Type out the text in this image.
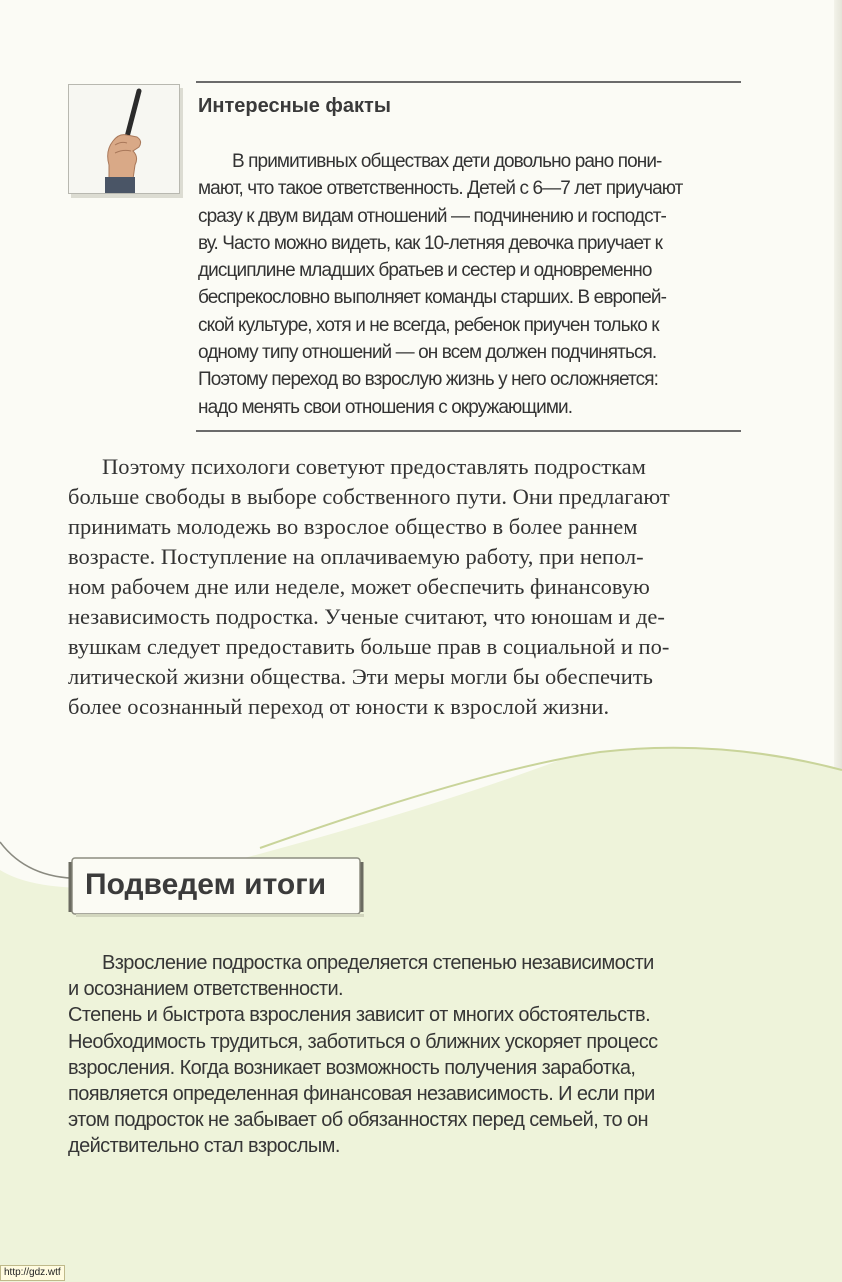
Интересные факты
В примитивных обществах дети довольно рано пони-
мают, что такое ответственность. Детей с 6—7 лет приучают
сразу к двум видам отношений — подчинению и господст-
ву. Часто можно видеть, как 10-летняя девочка приучает к
дисциплине младших братьев и сестер и одновременно
беспрекословно выполняет команды старших. В европей-
ской культуре, хотя и не всегда, ребенок приучен только к
одному типу отношений — он всем должен подчиняться.
Поэтому переход во взрослую жизнь у него осложняется:
надо менять свои отношения с окружающими.
Поэтому психологи советуют предоставлять подросткам
больше свободы в выборе собственного пути. Они предлагают
принимать молодежь во взрослое общество в более раннем
возрасте. Поступление на оплачиваемую работу, при непол-
ном рабочем дне или неделе, может обеспечить финансовую
независимость подростка. Ученые считают, что юношам и де-
вушкам следует предоставить больше прав в социальной и по-
литической жизни общества. Эти меры могли бы обеспечить
более осознанный переход от юности к взрослой жизни.
Подведем итоги
Взросление подростка определяется степенью независимости
и осознанием ответственности.
Степень и быстрота взросления зависит от многих обстоятельств.
Необходимость трудиться, заботиться о ближних ускоряет процесс
взросления. Когда возникает возможность получения заработка,
появляется определенная финансовая независимость. И если при
этом подросток не забывает об обязанностях перед семьей, то он
действительно стал взрослым.
http://gdz.wtf
